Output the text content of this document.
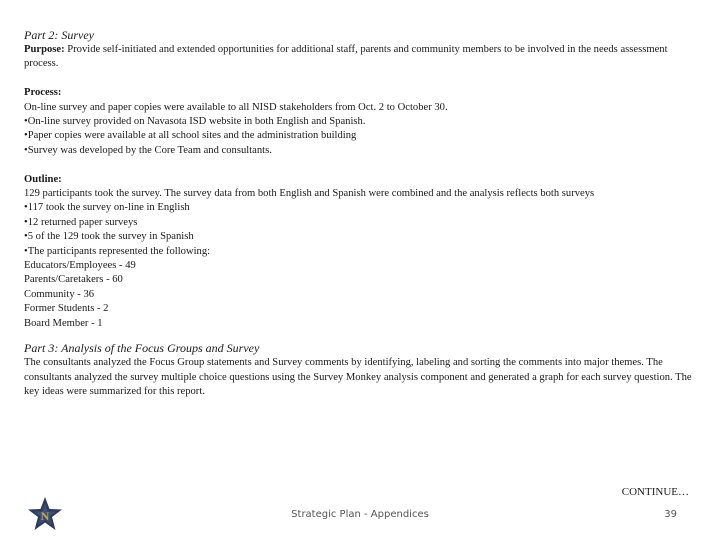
Part 2: Survey

Purpose: Provide self-initiated and extended opportunities for additional staff, parents and community members to be involved in the needs assessment process.

Process:

On-line survey and paper copies were available to all NISD stakeholders from Oct. 2 to October 30.

•On-line survey provided on Navasota ISD website in both English and Spanish.
•Paper copies were available at all school sites and the administration building
•Survey was developed by the Core Team and consultants.

Outline:

129 participants took the survey. The survey data from both English and Spanish were combined and the analysis reflects both surveys

•117 took the survey on-line in English
•12 returned paper surveys
•5 of the 129 took the survey in Spanish
•The participants represented the following:
Educators/Employees - 49
Parents/Caretakers - 60
Community - 36
Former Students - 2
Board Member - 1

Part 3: Analysis of the Focus Groups and Survey

The consultants analyzed the Focus Group statements and Survey comments by identifying, labeling and sorting the comments into major themes. The consultants analyzed the survey multiple choice questions using the Survey Monkey analysis component and generated a graph for each survey question. The key ideas were summarized for this report.

CONTINUE…
N	Strategic Plan - Appendices	39
